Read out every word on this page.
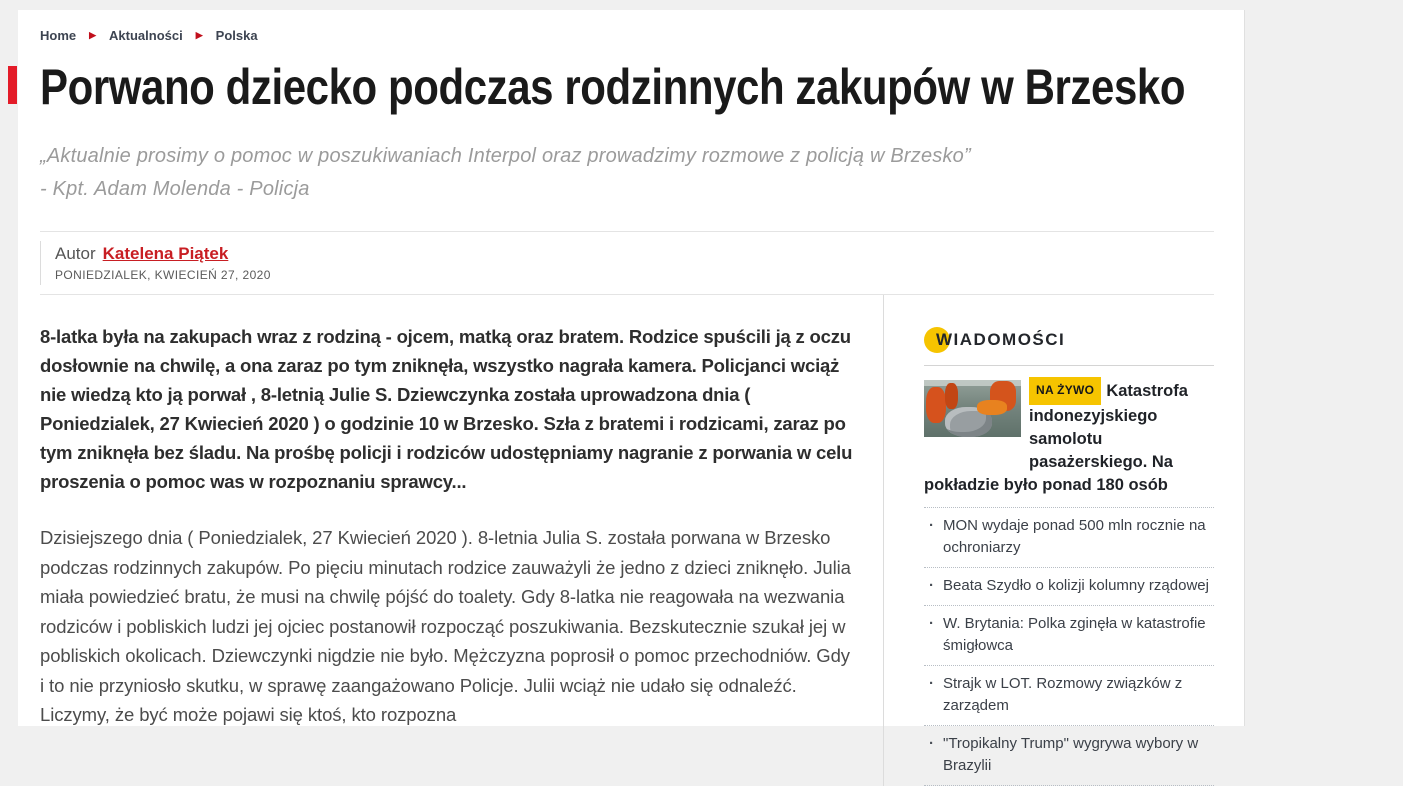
Home ▶ Aktualności ▶ Polska
Porwano dziecko podczas rodzinnych zakupów w Brzesko
„Aktualnie prosimy o pomoc w poszukiwaniach Interpol oraz prowadzimy rozmowe z policją w Brzesko”
- Kpt. Adam Molenda - Policja
Autor Katelena Piątek
PONIEDZIALEK, KWIECIEŃ 27, 2020

8-latka była na zakupach wraz z rodziną - ojcem, matką oraz bratem. Rodzice spuścili ją z oczu dosłownie na chwilę, a ona zaraz po tym zniknęła, wszystko nagrała kamera. Policjanci wciąż nie wiedzą kto ją porwał , 8-letnią Julie S. Dziewczynka została uprowadzona dnia ( Poniedzialek, 27 Kwiecień 2020 ) o godzinie 10 w Brzesko. Szła z bratemi i rodzicami, zaraz po tym zniknęła bez śladu. Na prośbę policji i rodziców udostępniamy nagranie z porwania w celu proszenia o pomoc was w rozpoznaniu sprawcy...

Dzisiejszego dnia ( Poniedzialek, 27 Kwiecień 2020 ). 8-letnia Julia S. została porwana w Brzesko podczas rodzinnych zakupów. Po pięciu minutach rodzice zauważyli że jedno z dzieci zniknęło. Julia miała powiedzieć bratu, że musi na chwilę pójść do toalety. Gdy 8-latka nie reagowała na wezwania rodziców i pobliskich ludzi jej ojciec postanowił rozpocząć poszukiwania. Bezskutecznie szukał jej w pobliskich okolicach. Dziewczynki nigdzie nie było. Mężczyzna poprosił o pomoc przechodniów. Gdy i to nie przyniosło skutku, w sprawę zaangażowano Policje. Julii wciąż nie udało się odnaleźć. Liczymy, że być może pojawi się ktoś, kto rozpozna

WIADOMOŚCI
NA ŻYWO Katastrofa indonezyjskiego samolotu pasażerskiego. Na pokładzie było ponad 180 osób
· MON wydaje ponad 500 mln rocznie na ochroniarzy
· Beata Szydło o kolizji kolumny rządowej
· W. Brytania: Polka zginęła w katastrofie śmigłowca
· Strajk w LOT. Rozmowy związków z zarządem
· "Tropikalny Trump" wygrywa wybory w Brazylii
